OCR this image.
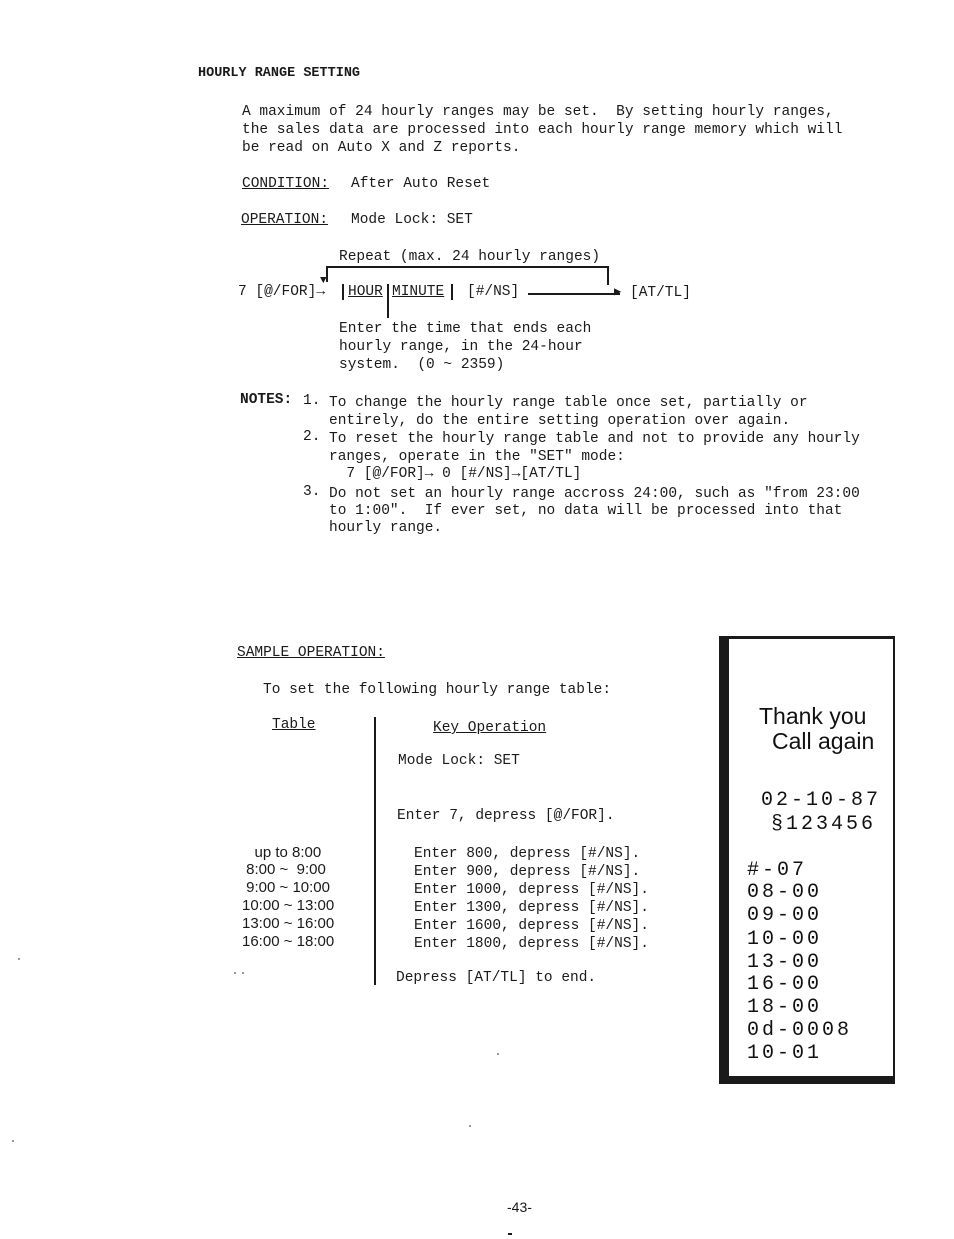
HOURLY RANGE SETTING
A maximum of 24 hourly ranges may be set.  By setting hourly ranges,
the sales data are processed into each hourly range memory which will
be read on Auto X and Z reports.
CONDITION: After Auto Reset
OPERATION: Mode Lock: SET
Repeat (max. 24 hourly ranges)
▼
7 [@/FOR]→ HOUR MINUTE [#/NS]	▶ [AT/TL]
Enter the time that ends each
hourly range, in the 24-hour
system.  (0 ~ 2359)
NOTES: 1. To change the hourly range table once set, partially or
entirely, do the entire setting operation over again.
2. To reset the hourly range table and not to provide any hourly
ranges, operate in the "SET" mode:
7 [@/FOR]→ 0 [#/NS]→[AT/TL]
3. Do not set an hourly range accross 24:00, such as "from 23:00
to 1:00".  If ever set, no data will be processed into that
hourly range.
SAMPLE OPERATION:
To set the following hourly range table:
Table	Key Operation
Mode Lock: SET
Enter 7, depress [@/FOR].
up to 8:00
8:00 ~  9:00
9:00 ~ 10:00
10:00 ~ 13:00
13:00 ~ 16:00
16:00 ~ 18:00
Enter 800, depress [#/NS].
Enter 900, depress [#/NS].
Enter 1000, depress [#/NS].
Enter 1300, depress [#/NS].
Enter 1600, depress [#/NS].
Enter 1800, depress [#/NS].
Depress [AT/TL] to end.
Thank you
Call again
02-10-87
§123456
#-07
08-00
09-00
10-00
13-00
16-00
18-00
0d-0008
10-01
-43-
